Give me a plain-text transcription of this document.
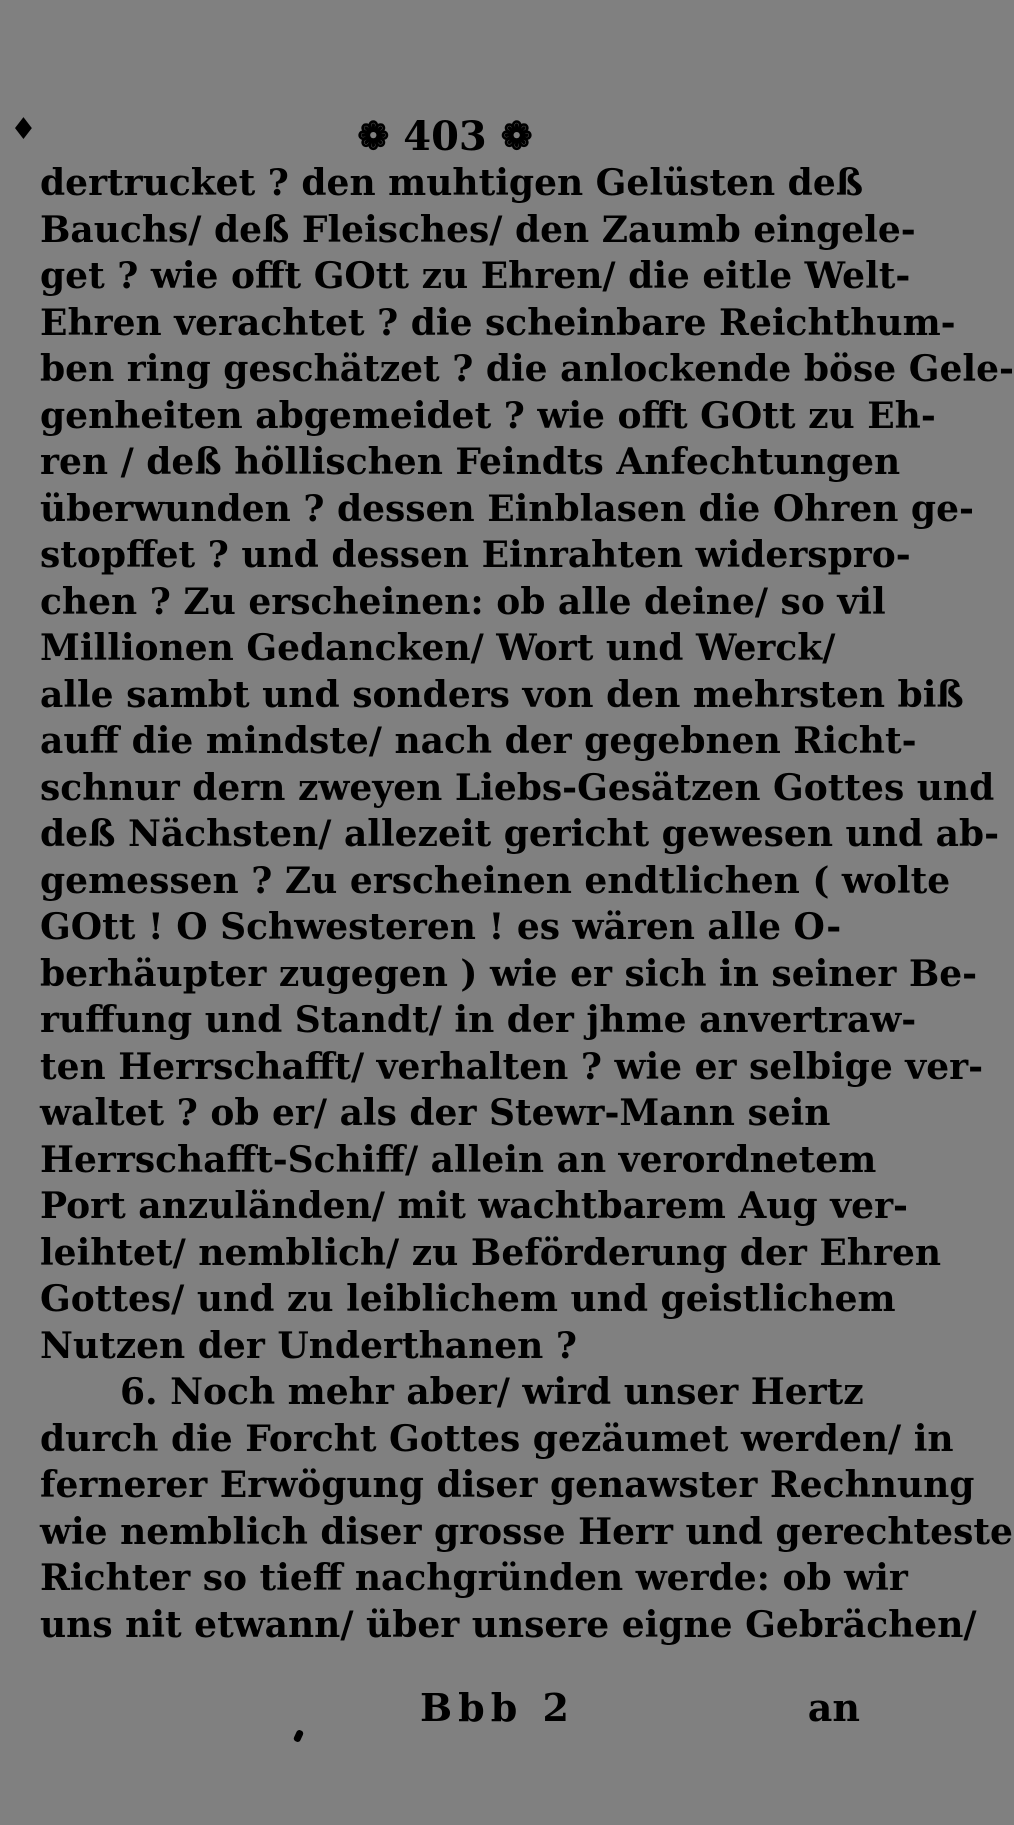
♦	❁ 403 ❁
dertrucket ? den muhtigen Gelüsten deß
Bauchs/ deß Fleisches/ den Zaumb eingele-
get ? wie offt GOtt zu Ehren/ die eitle Welt-
Ehren verachtet ? die scheinbare Reichthum-
ben ring geschätzet ? die anlockende böse Gele-
genheiten abgemeidet ? wie offt GOtt zu Eh-
ren / deß höllischen Feindts Anfechtungen
überwunden ? dessen Einblasen die Ohren ge-
stopffet ? und dessen Einrahten widerspro-
chen ? Zu erscheinen: ob alle deine/ so vil
Millionen Gedancken/ Wort und Werck/
alle sambt und sonders von den mehrsten biß
auff die mindste/ nach der gegebnen Richt-
schnur dern zweyen Liebs-Gesätzen Gottes und
deß Nächsten/ allezeit gericht gewesen und ab-
gemessen ? Zu erscheinen endtlichen ( wolte
GOtt ! O Schwesteren ! es wären alle O-
berhäupter zugegen ) wie er sich in seiner Be-
ruffung und Standt/ in der jhme anvertraw-
ten Herrschafft/ verhalten ? wie er selbige ver-
waltet ? ob er/ als der Stewr-Mann sein
Herrschafft-Schiff/ allein an verordnetem
Port anzuländen/ mit wachtbarem Aug ver-
leihtet/ nemblich/ zu Beförderung der Ehren
Gottes/ und zu leiblichem und geistlichem
Nutzen der Underthanen ?
6. Noch mehr aber/ wird unser Hertz
durch die Forcht Gottes gezäumet werden/ in
fernerer Erwögung diser genawster Rechnung
wie nemblich diser grosse Herr und gerechteste
Richter so tieff nachgründen werde: ob wir
uns nit etwann/ über unsere eigne Gebrächen/
Bbb 2	an
